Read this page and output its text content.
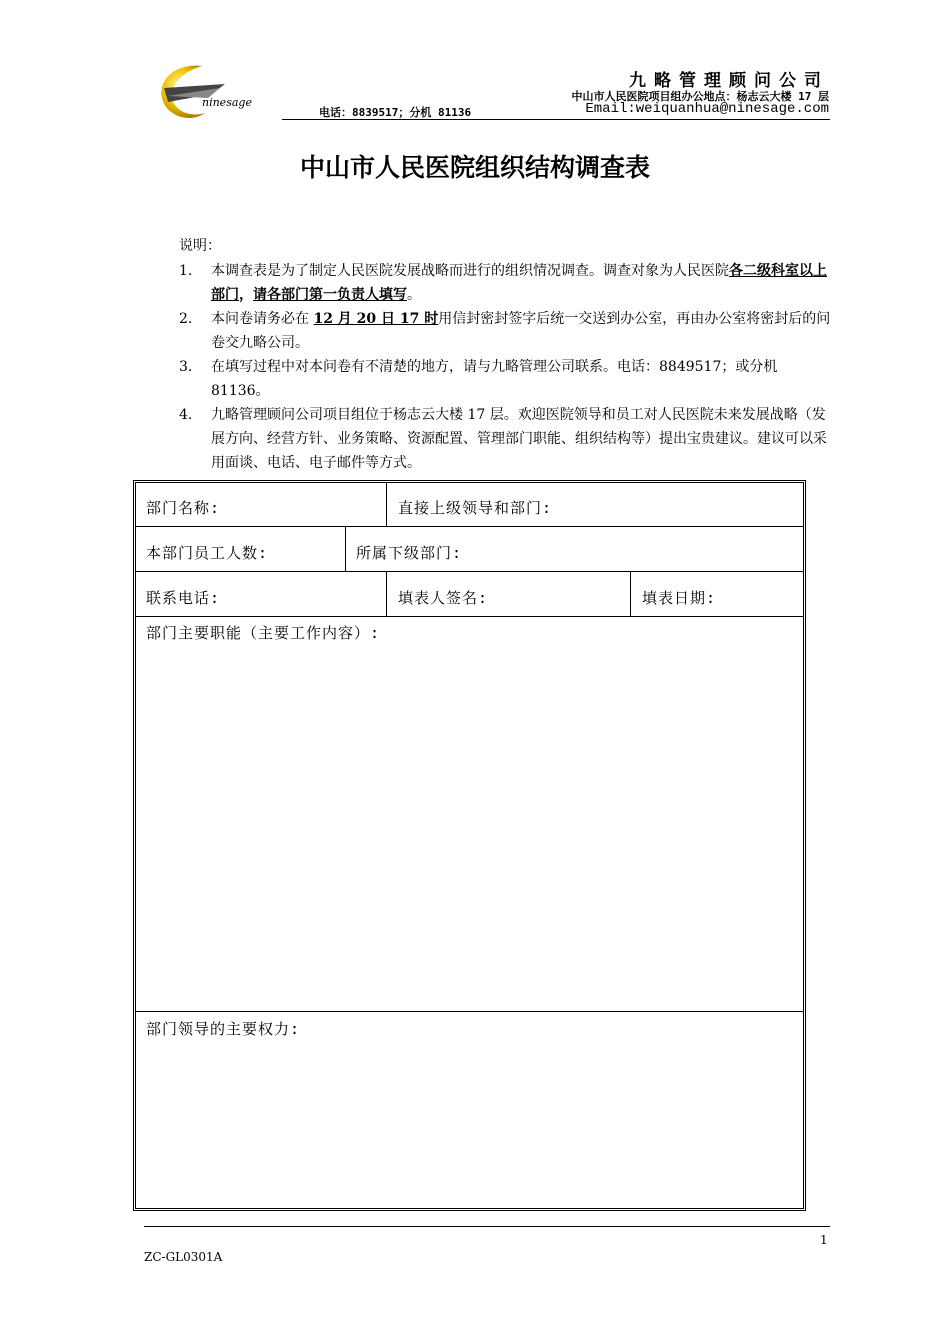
ninesage
九略管理顾问公司
中山市人民医院项目组办公地点：杨志云大楼 17 层
电话：8839517；分机 81136	Email:weiquanhua@ninesage.com
中山市人民医院组织结构调查表
说明：
1. 本调查表是为了制定人民医院发展战略而进行的组织情况调查。调查对象为人民医院各二级科室以上部门，请各部门第一负责人填写。
2. 本问卷请务必在 12 月 20 日 17 时用信封密封签字后统一交送到办公室，再由办公室将密封后的问卷交九略公司。
3. 在填写过程中对本问卷有不清楚的地方，请与九略管理公司联系。电话：8849517；或分机 81136。
4. 九略管理顾问公司项目组位于杨志云大楼 17 层。欢迎医院领导和员工对人民医院未来发展战略（发展方向、经营方针、业务策略、资源配置、管理部门职能、组织结构等）提出宝贵建议。建议可以采用面谈、电话、电子邮件等方式。
部门名称:	直接上级领导和部门:
本部门员工人数:	所属下级部门:
联系电话:	填表人签名:	填表日期:
部门主要职能（主要工作内容）:
部门领导的主要权力:
1
ZC-GL0301A
